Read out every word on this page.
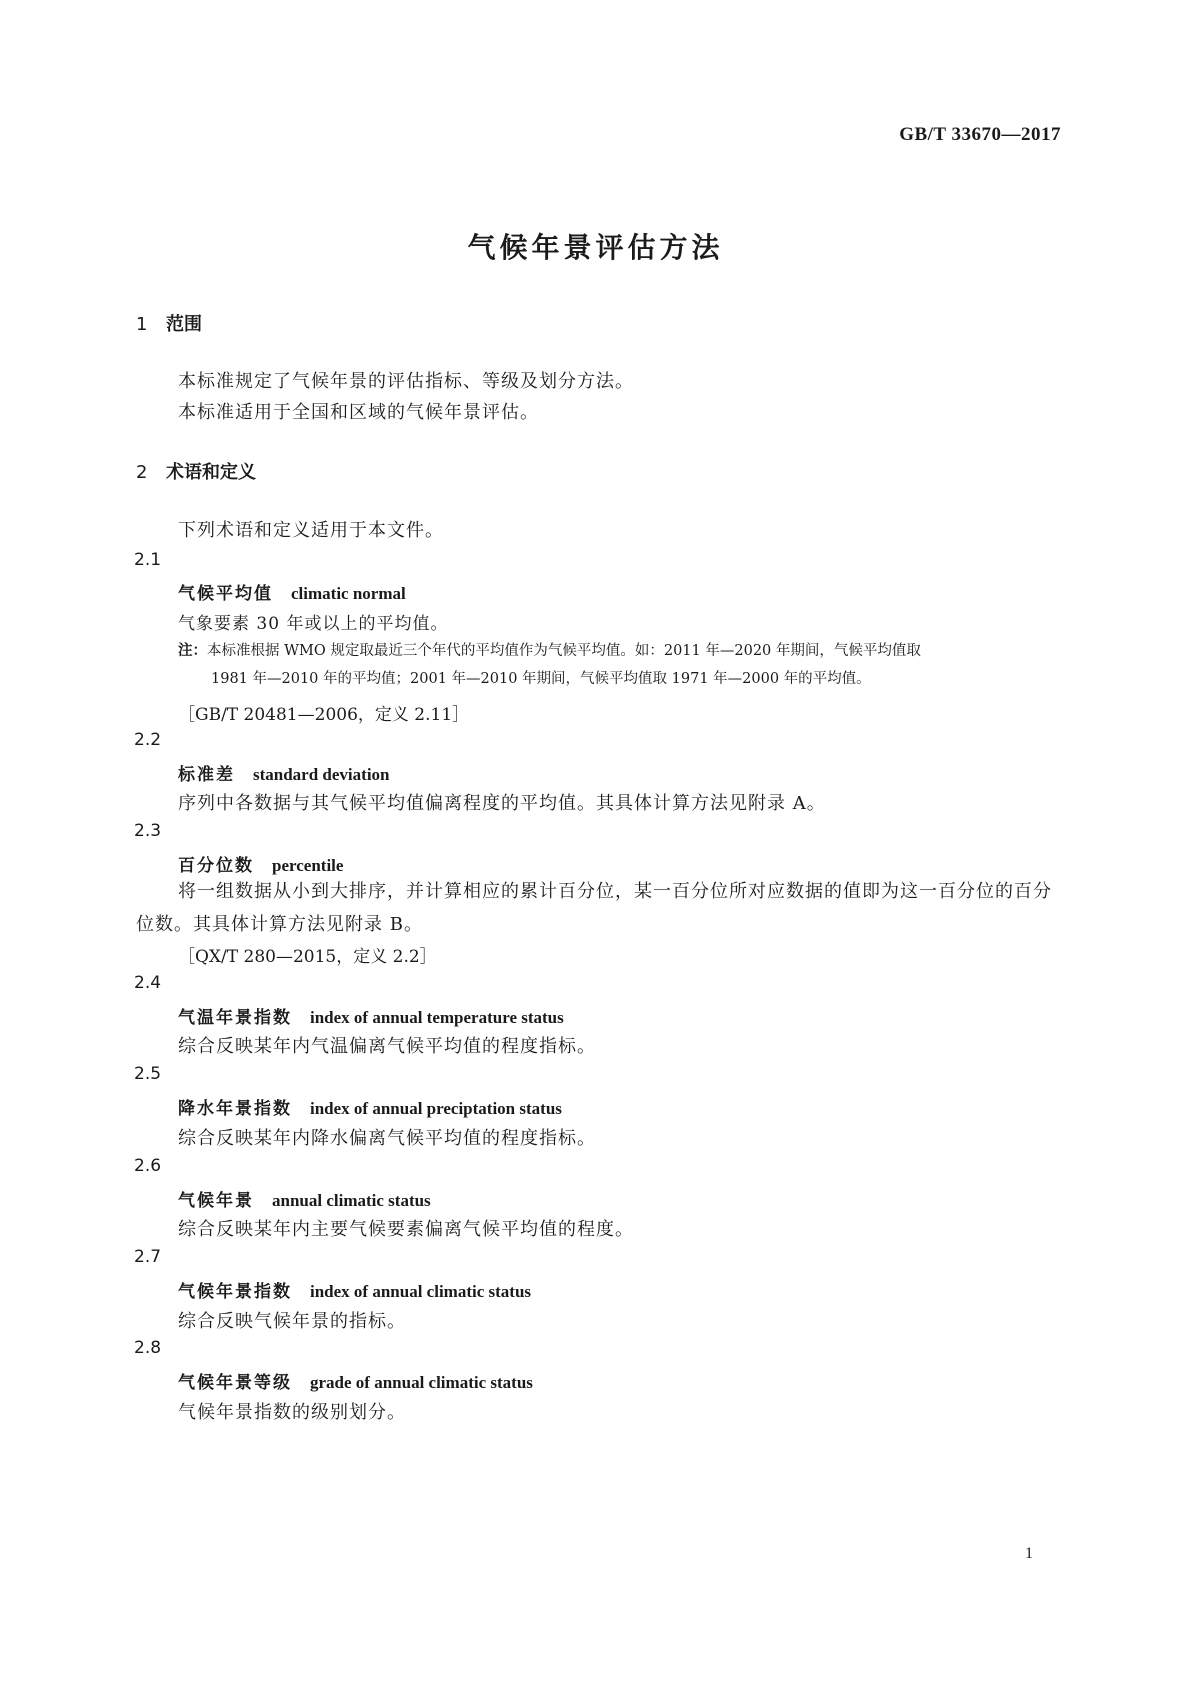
GB/T 33670—2017
气候年景评估方法
1 范围
本标准规定了气候年景的评估指标、等级及划分方法。
本标准适用于全国和区域的气候年景评估。
2 术语和定义
下列术语和定义适用于本文件。
2.1
气候平均值 climatic normal
气象要素 30 年或以上的平均值。
注：本标准根据 WMO 规定取最近三个年代的平均值作为气候平均值。如：2011 年—2020 年期间，气候平均值取
1981 年—2010 年的平均值；2001 年—2010 年期间，气候平均值取 1971 年—2000 年的平均值。
［GB/T 20481—2006，定义 2.11］
2.2
标准差 standard deviation
序列中各数据与其气候平均值偏离程度的平均值。其具体计算方法见附录 A。
2.3
百分位数 percentile
将一组数据从小到大排序，并计算相应的累计百分位，某一百分位所对应数据的值即为这一百分位的百分位数。其具体计算方法见附录 B。
［QX/T 280—2015，定义 2.2］
2.4
气温年景指数 index of annual temperature status
综合反映某年内气温偏离气候平均值的程度指标。
2.5
降水年景指数 index of annual preciptation status
综合反映某年内降水偏离气候平均值的程度指标。
2.6
气候年景 annual climatic status
综合反映某年内主要气候要素偏离气候平均值的程度。
2.7
气候年景指数 index of annual climatic status
综合反映气候年景的指标。
2.8
气候年景等级 grade of annual climatic status
气候年景指数的级别划分。
1
